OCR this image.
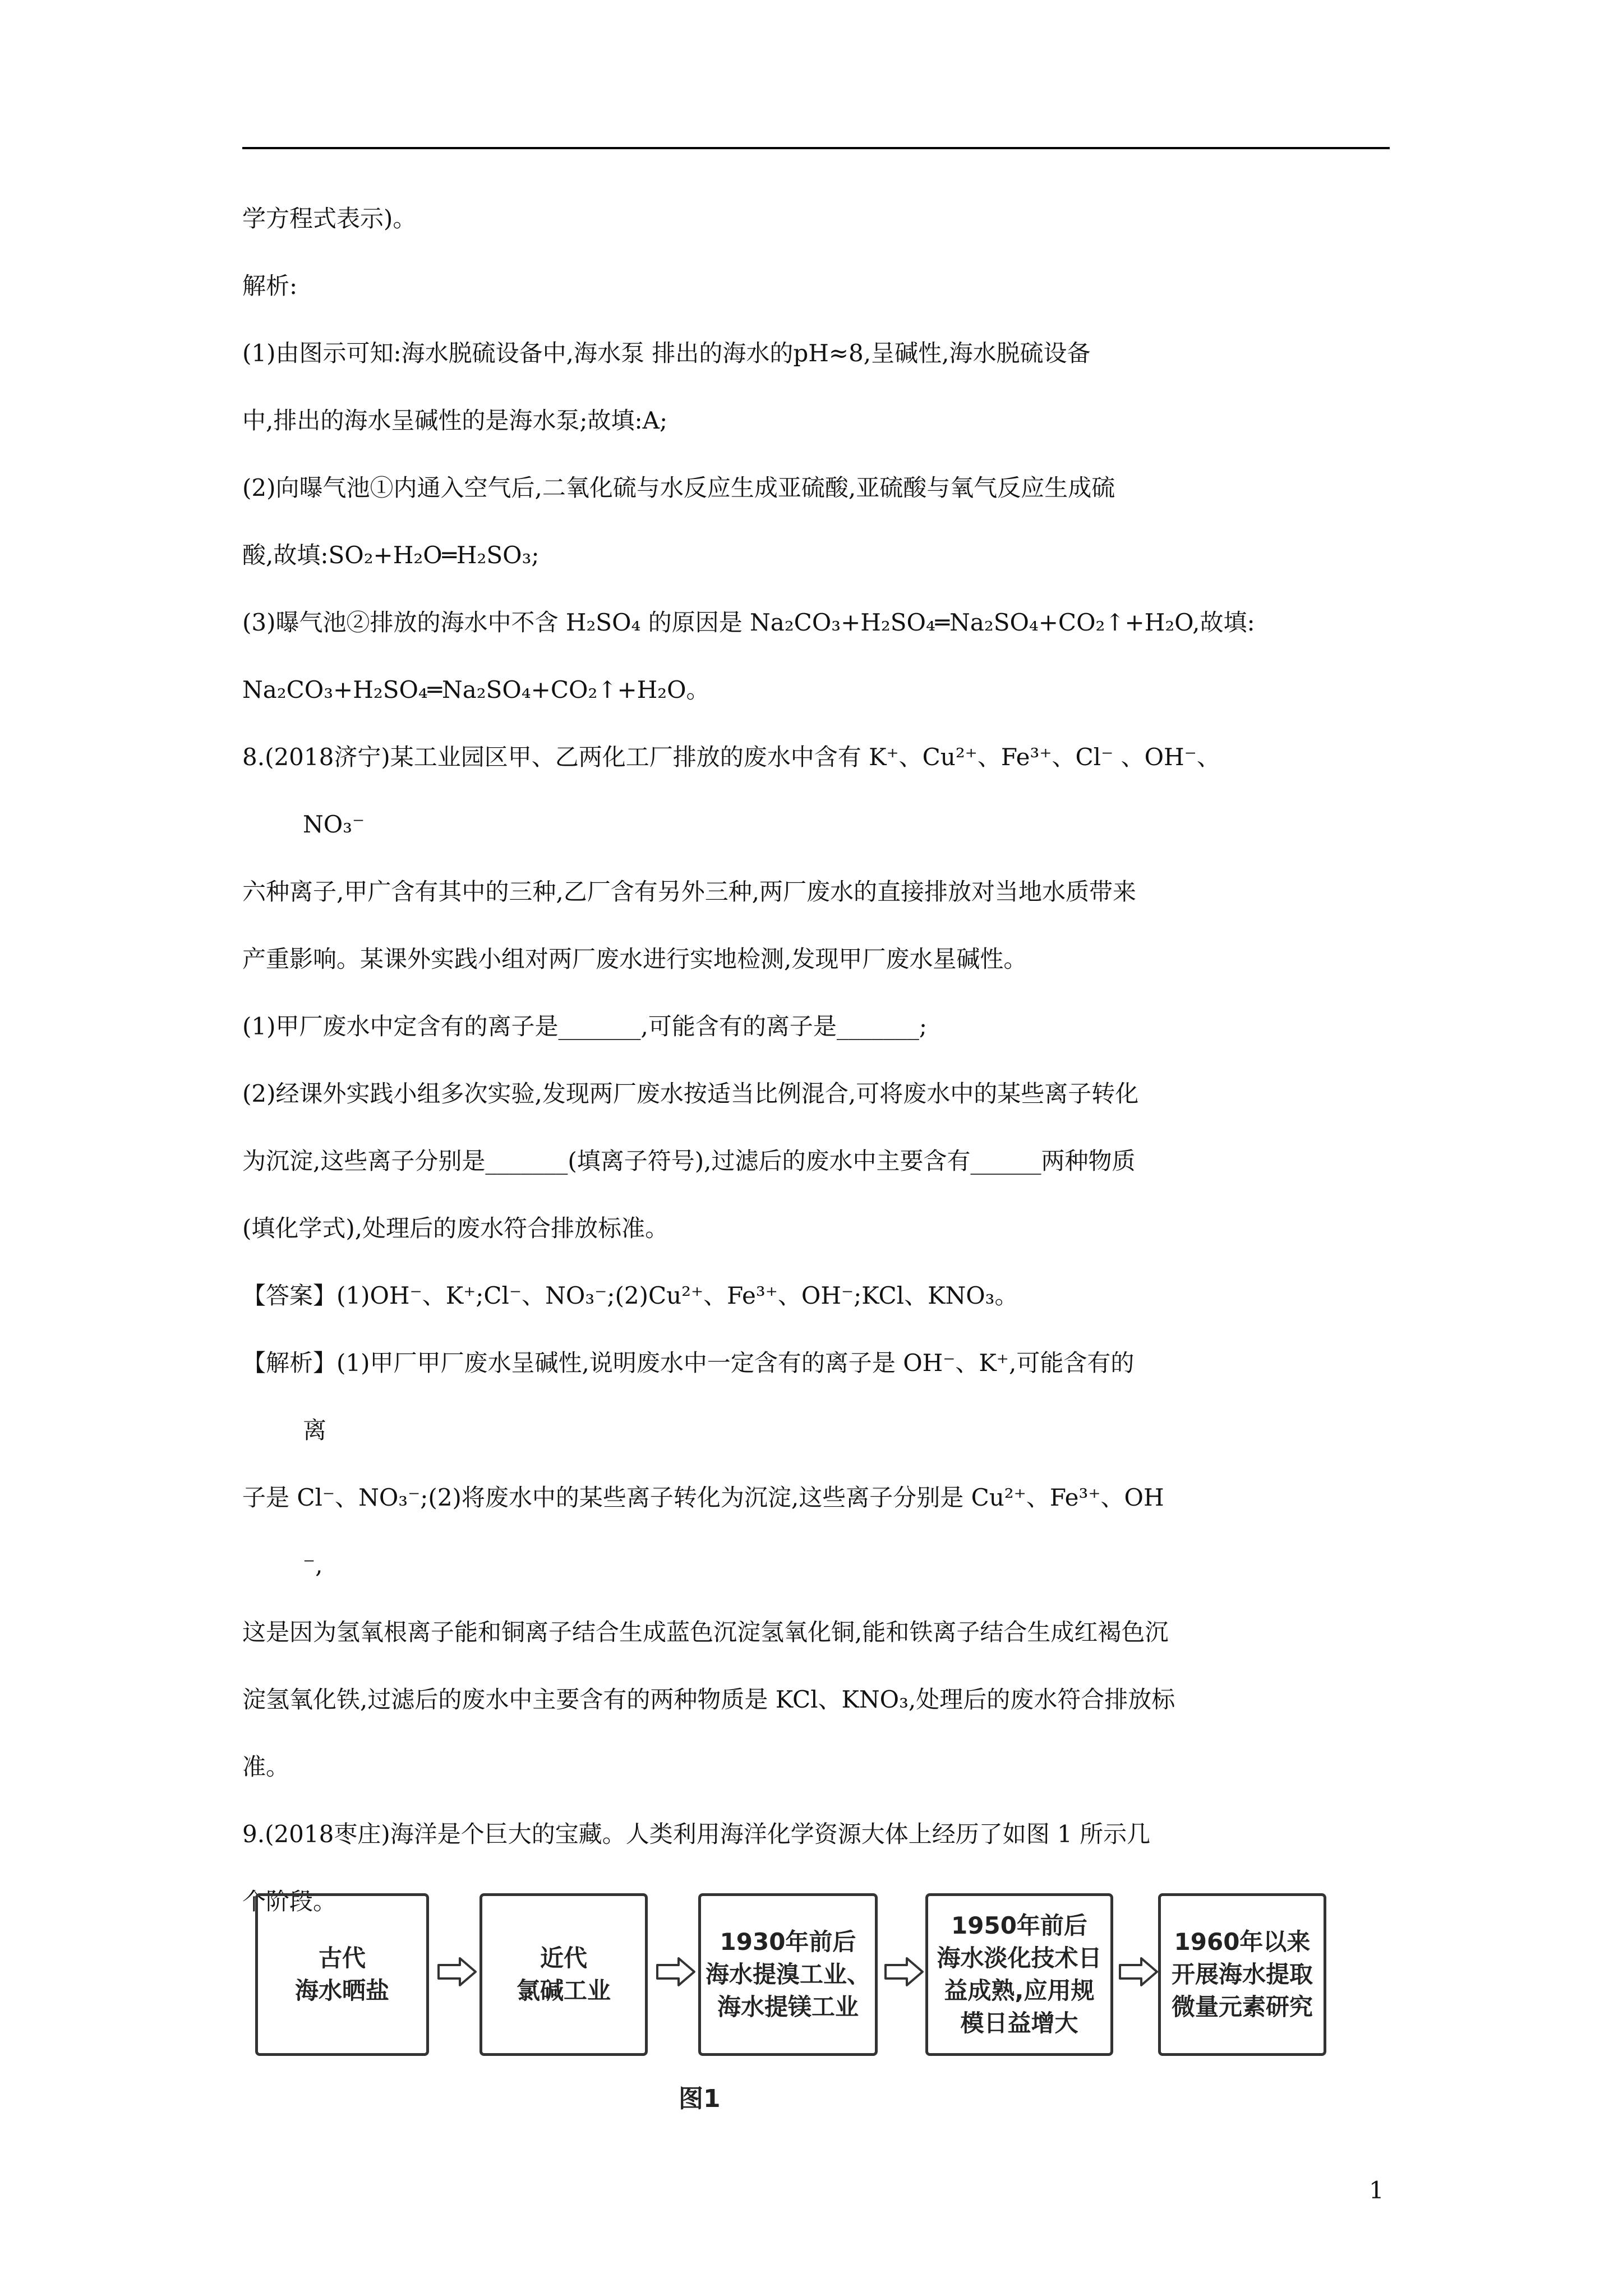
学方程式表示)。

解析:

(1)由图示可知:海水脱硫设备中,海水泵 排出的海水的pH≈8,呈碱性,海水脱硫设备

中,排出的海水呈碱性的是海水泵;故填:A;

(2)向曝气池①内通入空气后,二氧化硫与水反应生成亚硫酸,亚硫酸与氧气反应生成硫

酸,故填:SO₂+H₂O═H₂SO₃;

(3)曝气池②排放的海水中不含 H₂SO₄ 的原因是 Na₂CO₃+H₂SO₄═Na₂SO₄+CO₂↑+H₂O,故填:

Na₂CO₃+H₂SO₄═Na₂SO₄+CO₂↑+H₂O。

8.(2018济宁)某工业园区甲、乙两化工厂排放的废水中含有 K⁺、Cu²⁺、Fe³⁺、Cl⁻ 、OH⁻、

NO₃⁻

六种离子,甲广含有其中的三种,乙厂含有另外三种,两厂废水的直接排放对当地水质带来

产重影响。某课外实践小组对两厂废水进行实地检测,发现甲厂废水星碱性。

(1)甲厂废水中定含有的离子是_______,可能含有的离子是_______;

(2)经课外实践小组多次实验,发现两厂废水按适当比例混合,可将废水中的某些离子转化

为沉淀,这些离子分别是_______(填离子符号),过滤后的废水中主要含有______两种物质

(填化学式),处理后的废水符合排放标准。

【答案】(1)OH⁻、K⁺;Cl⁻、NO₃⁻;(2)Cu²⁺、Fe³⁺、OH⁻;KCl、KNO₃。

【解析】(1)甲厂甲厂废水呈碱性,说明废水中一定含有的离子是 OH⁻、K⁺,可能含有的

离

子是 Cl⁻、NO₃⁻;(2)将废水中的某些离子转化为沉淀,这些离子分别是 Cu²⁺、Fe³⁺、OH

⁻,

这是因为氢氧根离子能和铜离子结合生成蓝色沉淀氢氧化铜,能和铁离子结合生成红褐色沉

淀氢氧化铁,过滤后的废水中主要含有的两种物质是 KCl、KNO₃,处理后的废水符合排放标

准。

9.(2018枣庄)海洋是个巨大的宝藏。人类利用海洋化学资源大体上经历了如图 1 所示几

个阶段。

古代
海水晒盐
近代
氯碱工业
1930年前后
海水提溴工业、
海水提镁工业
1950年前后
海水淡化技术日
益成熟,应用规
模日益增大
1960年以来
开展海水提取
微量元素研究
图1
1
